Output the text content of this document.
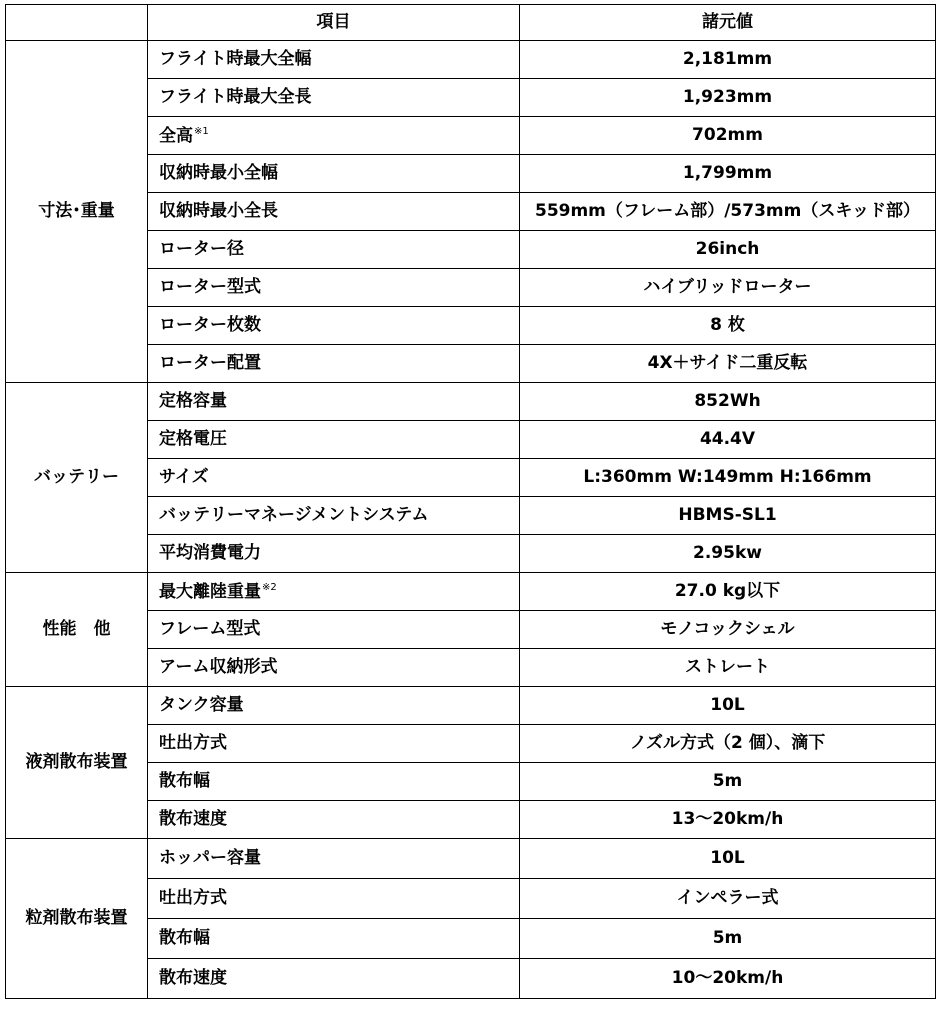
	項目	諸元値
寸法･重量	フライト時最大全幅	2,181mm
	フライト時最大全長	1,923mm
	全高$^{※1}$	702mm
	収納時最小全幅	1,799mm
	収納時最小全長	559mm（フレーム部）/573mm（スキッド部）
	ローター径	26inch
	ローター型式	ハイブリッドローター
	ローター枚数	8 枚
	ローター配置	4X＋サイド二重反転
バッテリー	定格容量	852Wh
	定格電圧	44.4V
	サイズ	L:360mm W:149mm H:166mm
	バッテリーマネージメントシステム	HBMS-SL1
	平均消費電力	2.95kw
性能　他	最大離陸重量$^{※2}$	27.0 kg以下
	フレーム型式	モノコックシェル
	アーム収納形式	ストレート
液剤散布装置	タンク容量	10L
	吐出方式	ノズル方式（2 個）、滴下
	散布幅	5m
	散布速度	13～20km/h
粒剤散布装置	ホッパー容量	10L
	吐出方式	インペラー式
	散布幅	5m
	散布速度	10～20km/h
